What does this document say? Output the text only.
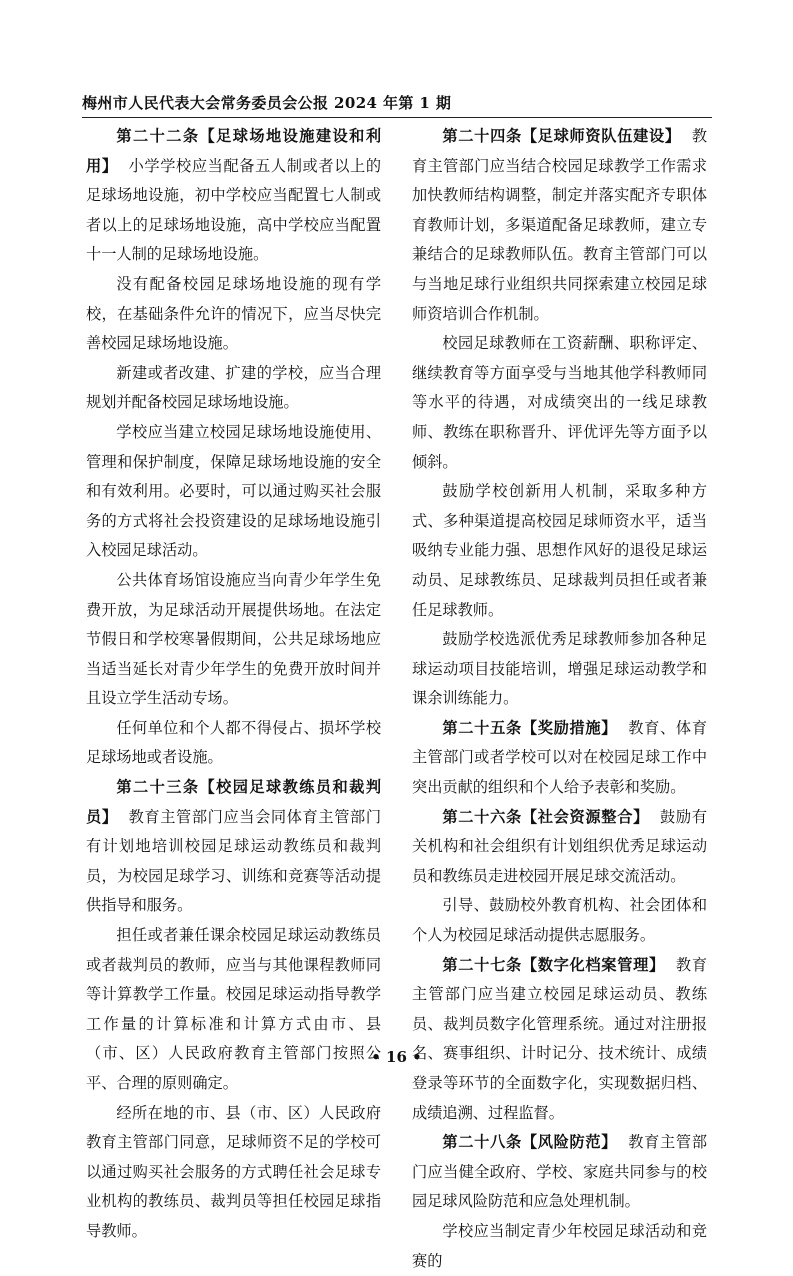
梅州市人民代表大会常务委员会公报 2024 年第 1 期

第二十二条【足球场地设施建设和利用】 小学学校应当配备五人制或者以上的足球场地设施，初中学校应当配置七人制或者以上的足球场地设施，高中学校应当配置十一人制的足球场地设施。

没有配备校园足球场地设施的现有学校，在基础条件允许的情况下，应当尽快完善校园足球场地设施。

新建或者改建、扩建的学校，应当合理规划并配备校园足球场地设施。

学校应当建立校园足球场地设施使用、管理和保护制度，保障足球场地设施的安全和有效利用。必要时，可以通过购买社会服务的方式将社会投资建设的足球场地设施引入校园足球活动。

公共体育场馆设施应当向青少年学生免费开放，为足球活动开展提供场地。在法定节假日和学校寒暑假期间，公共足球场地应当适当延长对青少年学生的免费开放时间并且设立学生活动专场。

任何单位和个人都不得侵占、损坏学校足球场地或者设施。

第二十三条【校园足球教练员和裁判员】 教育主管部门应当会同体育主管部门有计划地培训校园足球运动教练员和裁判员，为校园足球学习、训练和竞赛等活动提供指导和服务。

担任或者兼任课余校园足球运动教练员或者裁判员的教师，应当与其他课程教师同等计算教学工作量。校园足球运动指导教学工作量的计算标准和计算方式由市、县（市、区）人民政府教育主管部门按照公平、合理的原则确定。

经所在地的市、县（市、区）人民政府教育主管部门同意，足球师资不足的学校可以通过购买社会服务的方式聘任社会足球专业机构的教练员、裁判员等担任校园足球指导教师。

第二十四条【足球师资队伍建设】 教育主管部门应当结合校园足球教学工作需求加快教师结构调整，制定并落实配齐专职体育教师计划，多渠道配备足球教师，建立专兼结合的足球教师队伍。教育主管部门可以与当地足球行业组织共同探索建立校园足球师资培训合作机制。

校园足球教师在工资薪酬、职称评定、继续教育等方面享受与当地其他学科教师同等水平的待遇，对成绩突出的一线足球教师、教练在职称晋升、评优评先等方面予以倾斜。

鼓励学校创新用人机制，采取多种方式、多种渠道提高校园足球师资水平，适当吸纳专业能力强、思想作风好的退役足球运动员、足球教练员、足球裁判员担任或者兼任足球教师。

鼓励学校选派优秀足球教师参加各种足球运动项目技能培训，增强足球运动教学和课余训练能力。

第二十五条【奖励措施】 教育、体育主管部门或者学校可以对在校园足球工作中突出贡献的组织和个人给予表彰和奖励。

第二十六条【社会资源整合】 鼓励有关机构和社会组织有计划组织优秀足球运动员和教练员走进校园开展足球交流活动。

引导、鼓励校外教育机构、社会团体和个人为校园足球活动提供志愿服务。

第二十七条【数字化档案管理】 教育主管部门应当建立校园足球运动员、教练员、裁判员数字化管理系统。通过对注册报名、赛事组织、计时记分、技术统计、成绩登录等环节的全面数字化，实现数据归档、成绩追溯、过程监督。

第二十八条【风险防范】 教育主管部门应当健全政府、学校、家庭共同参与的校园足球风险防范和应急处理机制。

学校应当制定青少年校园足球活动和竞赛的

• 16 •
